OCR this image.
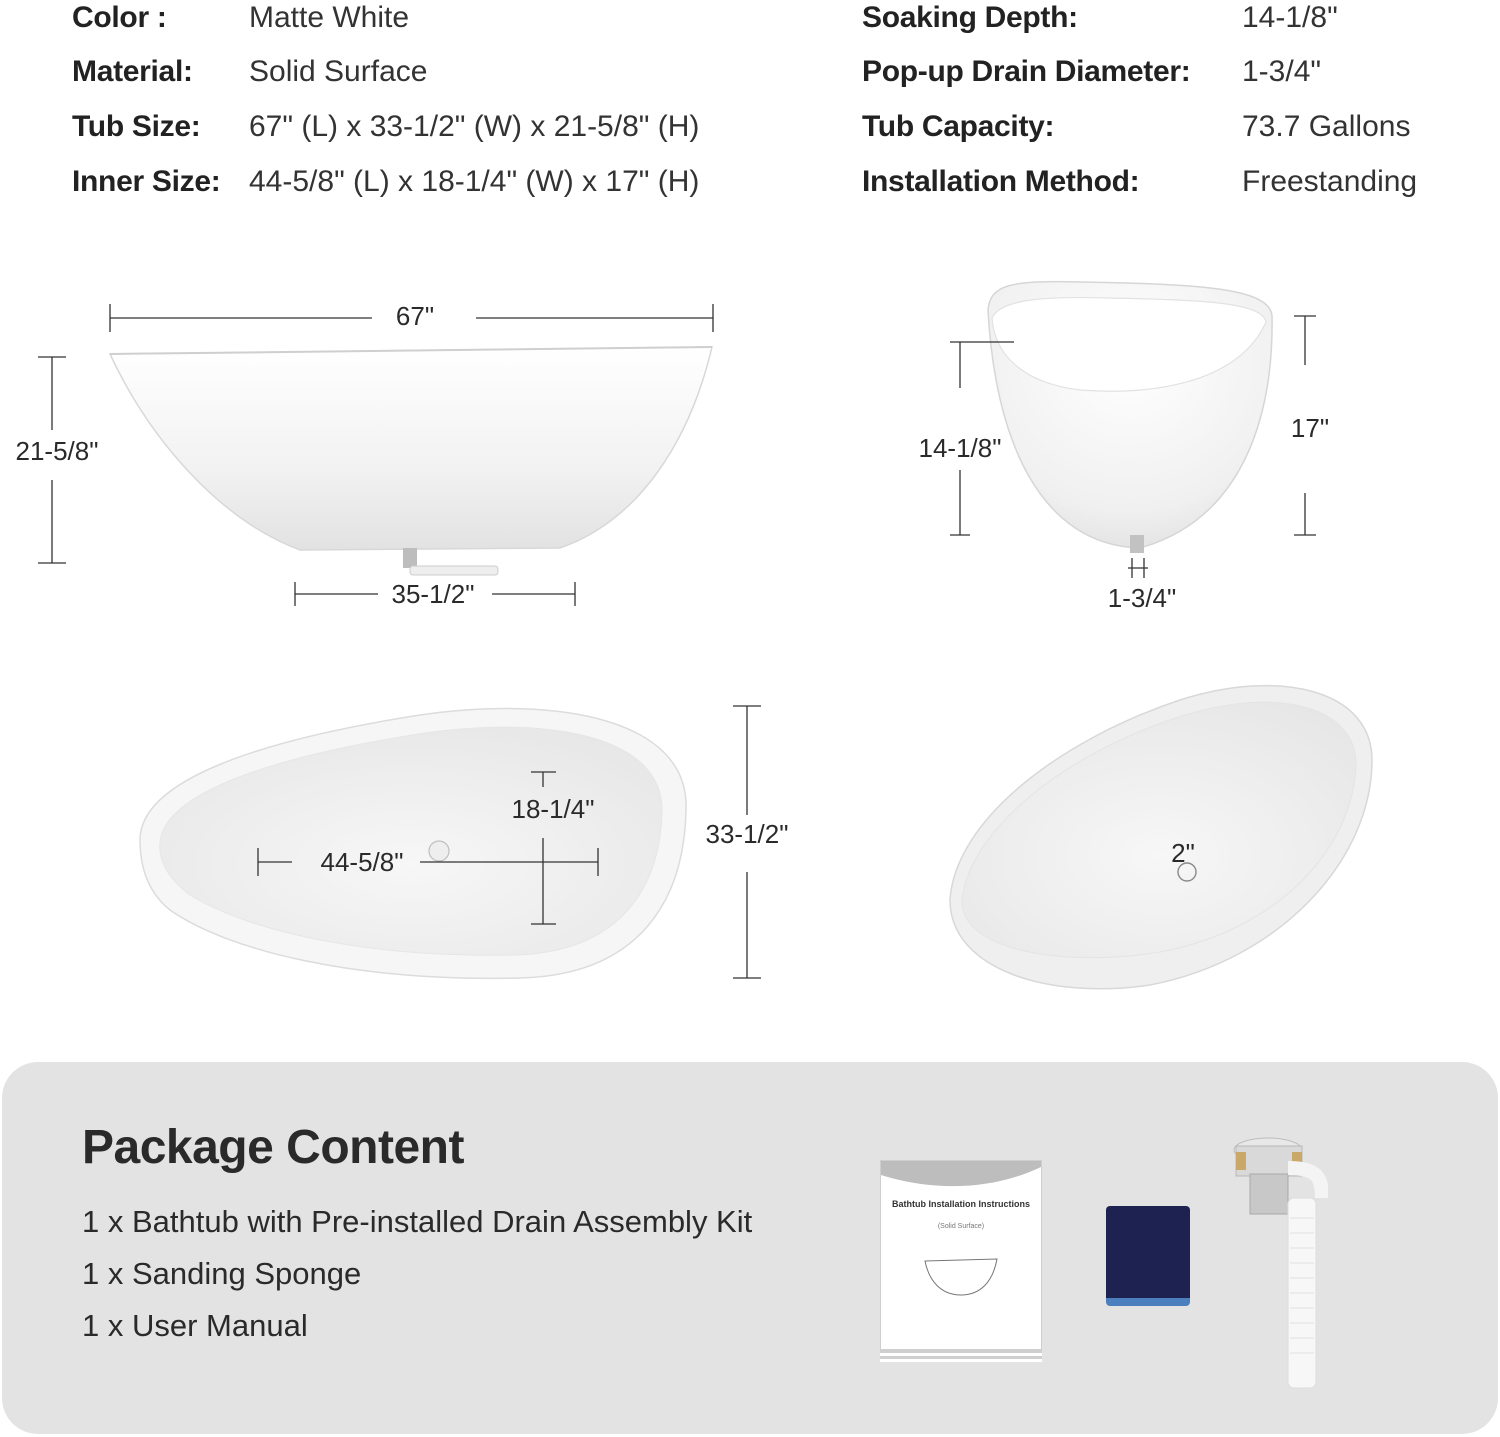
Color :	Matte White
Material: Solid Surface
Tub Size: 67" (L) x 33-1/2" (W) x 21-5/8" (H)
Inner Size: 44-5/8" (L) x 18-1/4" (W) x 17" (H)
Soaking Depth:	14-1/8"
Pop-up Drain Diameter: 1-3/4"
Tub Capacity:	73.7 Gallons
Installation Method:	Freestanding
67"
21-5/8"
35-1/2"
14-1/8"
17"
1-3/4"
44-5/8"
18-1/4"
33-1/2"
2"
Package Content
1 x Bathtub with Pre-installed Drain Assembly Kit
1 x Sanding Sponge
1 x User Manual
Bathtub Installation Instructions
(Solid Surface)
